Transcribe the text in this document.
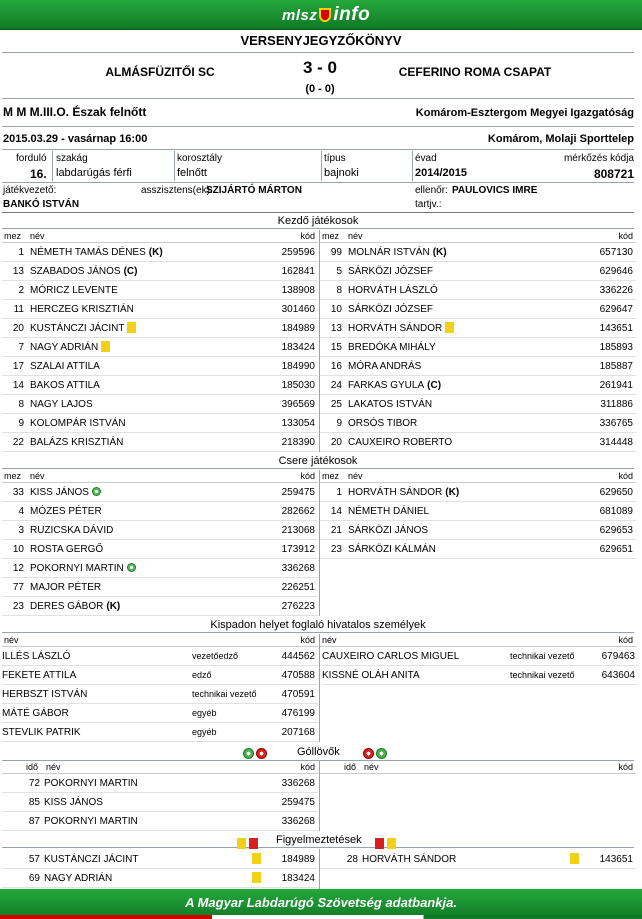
mlsz info
VERSENYJEGYZŐKÖNYV
ALMÁSFÜZITŐI SC	3 - 0
(0 - 0)
CEFERINO ROMA CSAPAT
M M M.III.O. Észak felnőtt	Komárom-Esztergom Megyei Igazgatóság
2015.03.29 - vasárnap 16:00	Komárom, Molaji Sporttelep
forduló
16.
szakág
labdarúgás férfi
korosztály
felnőtt
típus
bajnoki
évad
2014/2015
mérkőzés kódja
808721
játékvezető:
BANKÓ ISTVÁN
asszisztens(ek):
SZIJÁRTÓ MÁRTON	ellenőr: PAULOVICS IMRE
tartjv.:
Kezdő játékosok
mez név	kód mez név	kód
1 NÉMETH TAMÁS DÉNES (K)	259596
13 SZABADOS JÁNOS (C)	162841
2 MÓRICZ LEVENTE	138908
11 HERCZEG KRISZTIÁN	301460
20 KUSTÁNCZI JÁCINT	184989
7 NAGY ADRIÁN	183424
17 SZALAI ATTILA	184990
14 BAKOS ATTILA	185030
8 NAGY LAJOS	396569
9 KOLOMPÁR ISTVÁN	133054
22 BALÁZS KRISZTIÁN	218390
99 MOLNÁR ISTVÁN (K)	657130
5 SÁRKÖZI JÓZSEF	629646
8 HORVÁTH LÁSZLÓ	336226
10 SÁRKÖZI JÓZSEF	629647
13 HORVÁTH SÁNDOR	143651
15 BREDÓKA MIHÁLY	185893
16 MÓRA ANDRÁS	185887
24 FARKAS GYULA (C)	261941
25 LAKATOS ISTVÁN	311886
9 ORSÓS TIBOR	336765
20 CAUXEIRO ROBERTO	314448
Csere játékosok
mez név	kód mez név	kód
33 KISS JÁNOS	259475
4 MÓZES PÉTER	282662
3 RUZICSKA DÁVID	213068
10 ROSTA GERGŐ	173912
12 POKORNYI MARTIN	336268
77 MAJOR PÉTER	226251
23 DERES GÁBOR (K)	276223
1 HORVÁTH SÁNDOR (K)	629650
14 NÉMETH DÁNIEL	681089
21 SÁRKÖZI JÁNOS	629653
23 SÁRKÖZI KÁLMÁN	629651
Kispadon helyet foglaló hivatalos személyek
név	kód név	kód
ILLÉS LÁSZLÓ	vezetőedző	444562
FEKETE ATTILA	edző	470588
HERBSZT ISTVÁN	technikai vezető	470591
MÁTÉ GÁBOR	egyéb	476199
STEVLIK PATRIK	egyéb	207168
CAUXEIRO CARLOS MIGUEL	technikai vezető	679463
KISSNÉ OLÁH ANITA	technikai vezető	643604
Góllövők
idő név	kód	idő név	kód
72 POKORNYI MARTIN	336268
85 KISS JÁNOS	259475
87 POKORNYI MARTIN	336268
Figyelmeztetések
57 KUSTÁNCZI JÁCINT	184989
69 NAGY ADRIÁN	183424
28 HORVÁTH SÁNDOR	143651
A Magyar Labdarúgó Szövetség adatbankja.
